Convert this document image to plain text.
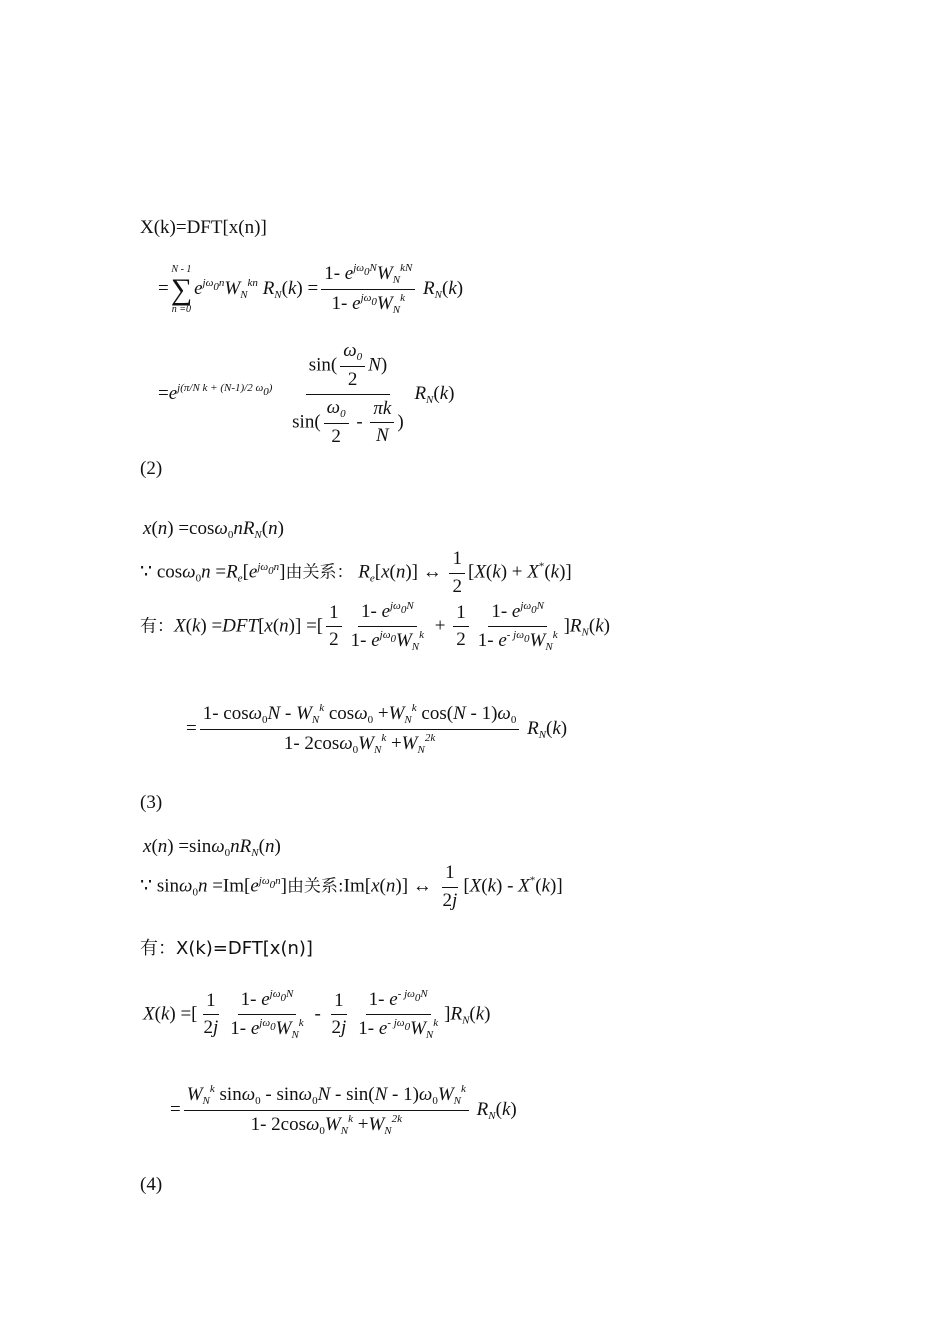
X(k)=DFT[x(n)]
=
N - 1
∑
n =0
$e^{j\omega_0n}W_N^{kn}$ $R_N(k) = \frac{1- e^{j\omega_0N}W_N^{kN}}{1- e^{j\omega_0}W_N^k} R_N(k)$
$=e^{j(\pi/N k + (N-1)/2 \omega_0)} \frac{\sin( \frac{\omega_0}{2} N)}{\sin( \frac{\omega_0}{2} - \frac{\pi k}{N} )} R_N(k)$
(2)
$x(n) =\cos\omega_0nR_N(n)$
∵ $\cos\omega_0n =R_e[e^{j\omega_0n}]$由关系： $R_e[x(n)]$ ↔ $\frac{1}{2} [X(k) + X^*(k)]$
有：X(k) =DFT[x(n)] =[ $\frac{1}{2} \frac{1- e^{j\omega_0N}}{1- e^{j\omega_0}W_N^k} + \frac{1}{2} \frac{1- e^{j\omega_0N}}{1- e^{- j\omega_0}W_N^k} ]R_N(k)$
= $\frac{1- \cos\omega_0N - W_N^k \cos\omega_0 +W_N^k \cos(N - 1)\omega_0}{1- 2\cos\omega_0W_N^k +W_N^{2k}} R_N(k)$
(3)
$x(n) =\sin\omega_0nR_N(n)$
∵ $\sin\omega_0n =Im[e^{j\omega_0n}]$由关系:Im[x(n)] ↔ $\frac{1}{2j} [X(k) - X^*(k)]$
有：X(k)=DFT[x(n)]
X(k) =[ $\frac{1}{2j} \frac{1- e^{j\omega_0N}}{1- e^{j\omega_0}W_N^k} - \frac{1}{2j} \frac{1- e^{- j\omega_0N}}{1- e^{- j\omega_0}W_N^k} ]R_N(k)$
= $\frac{W_N^k \sin\omega_0 - \sin\omega_0N - \sin(N - 1)\omega_0W_N^k}{1- 2\cos\omega_0W_N^k +W_N^{2k}} R_N(k)$
(4)
